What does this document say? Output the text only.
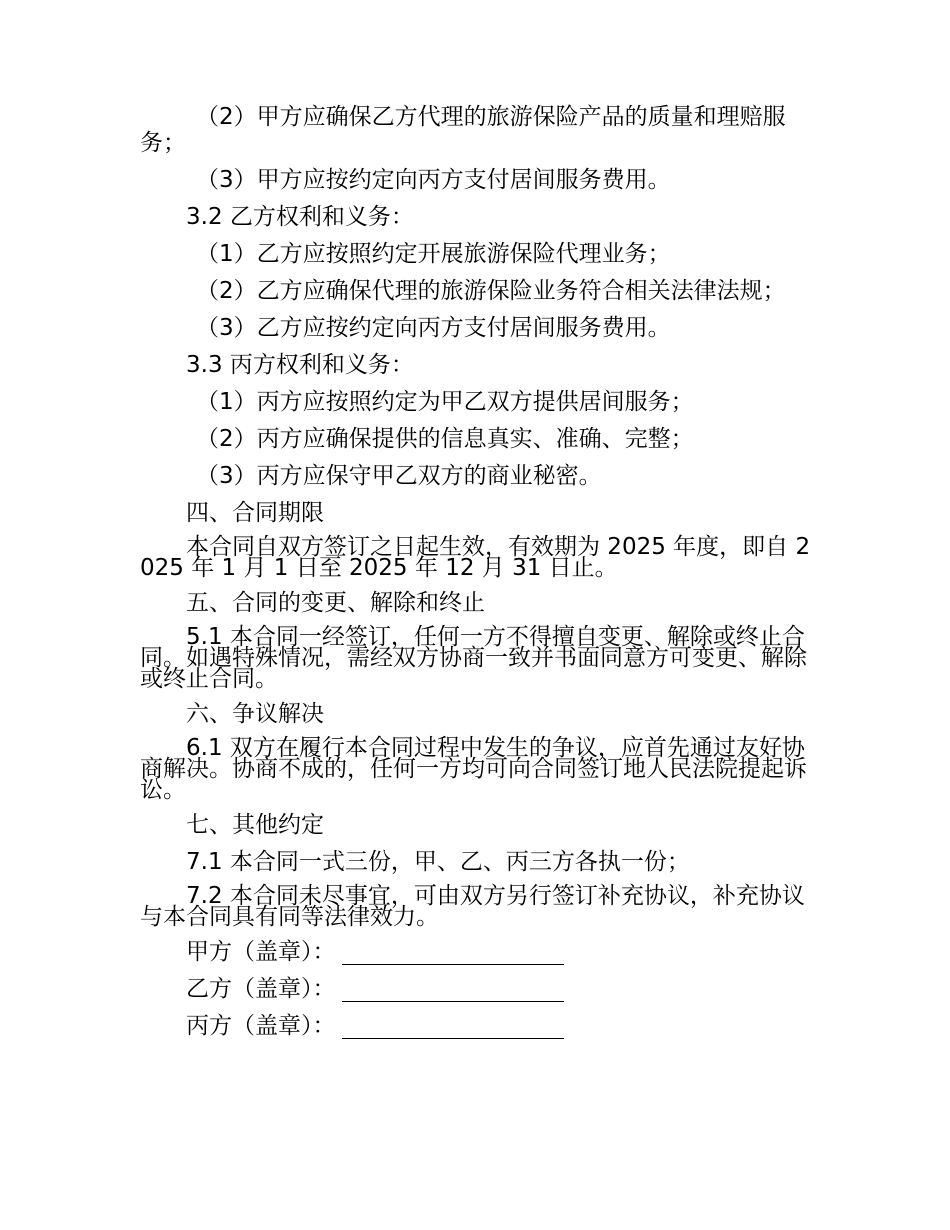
（2）甲方应确保乙方代理的旅游保险产品的质量和理赔服务；

（3）甲方应按约定向丙方支付居间服务费用。

3.2 乙方权利和义务：

（1）乙方应按照约定开展旅游保险代理业务；

（2）乙方应确保代理的旅游保险业务符合相关法律法规；

（3）乙方应按约定向丙方支付居间服务费用。

3.3 丙方权利和义务：

（1）丙方应按照约定为甲乙双方提供居间服务；

（2）丙方应确保提供的信息真实、准确、完整；

（3）丙方应保守甲乙双方的商业秘密。

四、合同期限

本合同自双方签订之日起生效，有效期为 2025 年度，即自 2025 年 1 月 1 日至 2025 年 12 月 31 日止。

五、合同的变更、解除和终止

5.1 本合同一经签订，任何一方不得擅自变更、解除或终止合同。如遇特殊情况，需经双方协商一致并书面同意方可变更、解除或终止合同。

六、争议解决

6.1 双方在履行本合同过程中发生的争议，应首先通过友好协商解决。协商不成的，任何一方均可向合同签订地人民法院提起诉讼。

七、其他约定

7.1 本合同一式三份，甲、乙、丙三方各执一份；

7.2 本合同未尽事宜，可由双方另行签订补充协议，补充协议与本合同具有同等法律效力。

甲方（盖章）：
乙方（盖章）：
丙方（盖章）：
